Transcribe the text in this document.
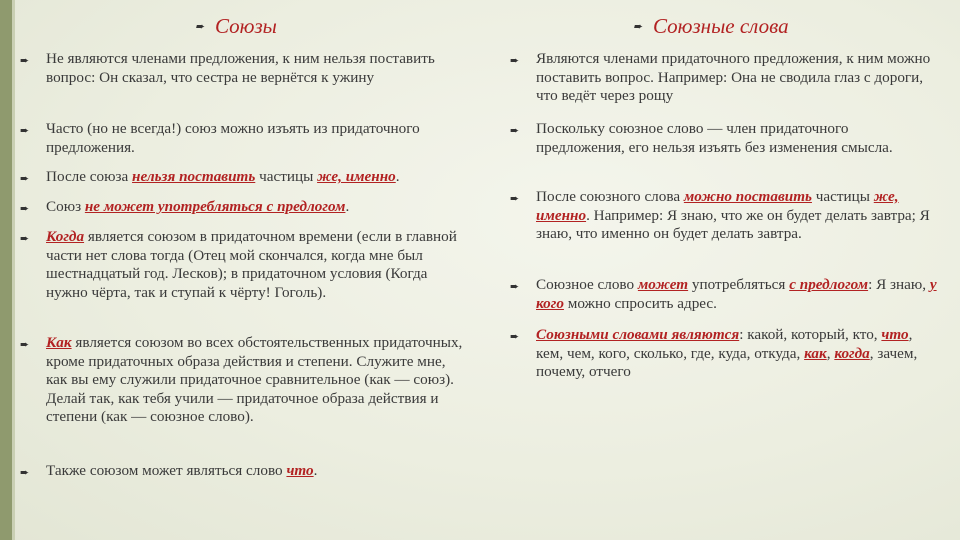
➨ Союзы
➨	Не являются членами предложения, к ним нельзя поставить вопрос: Он сказал, что сестра не вернётся к ужину
➨	Часто (но не всегда!) союз можно изъять из придаточного предложения.
➨	После союза нельзя поставить частицы же, именно.
➨	Союз не может употребляться с предлогом.
➨	Когда является союзом в придаточном времени (если в главной части нет слова тогда (Отец мой скончался, когда мне был шестнадцатый год. Лесков); в придаточном условия (Когда нужно чёрта, так и ступай к чёрту! Гоголь).
➨	Как является союзом во всех обстоятельственных придаточных, кроме придаточных образа действия и степени. Служите мне, как вы ему служили придаточное сравнительное (как — союз). Делай так, как тебя учили — придаточное образа действия и степени (как — союзное слово).
➨	Также союзом может являться слово что.
➨ Союзные слова
➨	Являются членами придаточного предложения, к ним можно поставить вопрос. Например: Она не сводила глаз с дороги, что ведёт через рощу
➨	Поскольку союзное слово — член придаточного предложения, его нельзя изъять без изменения смысла.
➨	После союзного слова можно поставить частицы же, именно. Например: Я знаю, что же он будет делать завтра; Я знаю, что именно он будет делать завтра.
➨	Союзное слово может употребляться с предлогом: Я знаю, у кого можно спросить адрес.
➨	Союзными словами являются: какой, который, кто, что, кем, чем, кого, сколько, где, куда, откуда, как, когда, зачем, почему, отчего
